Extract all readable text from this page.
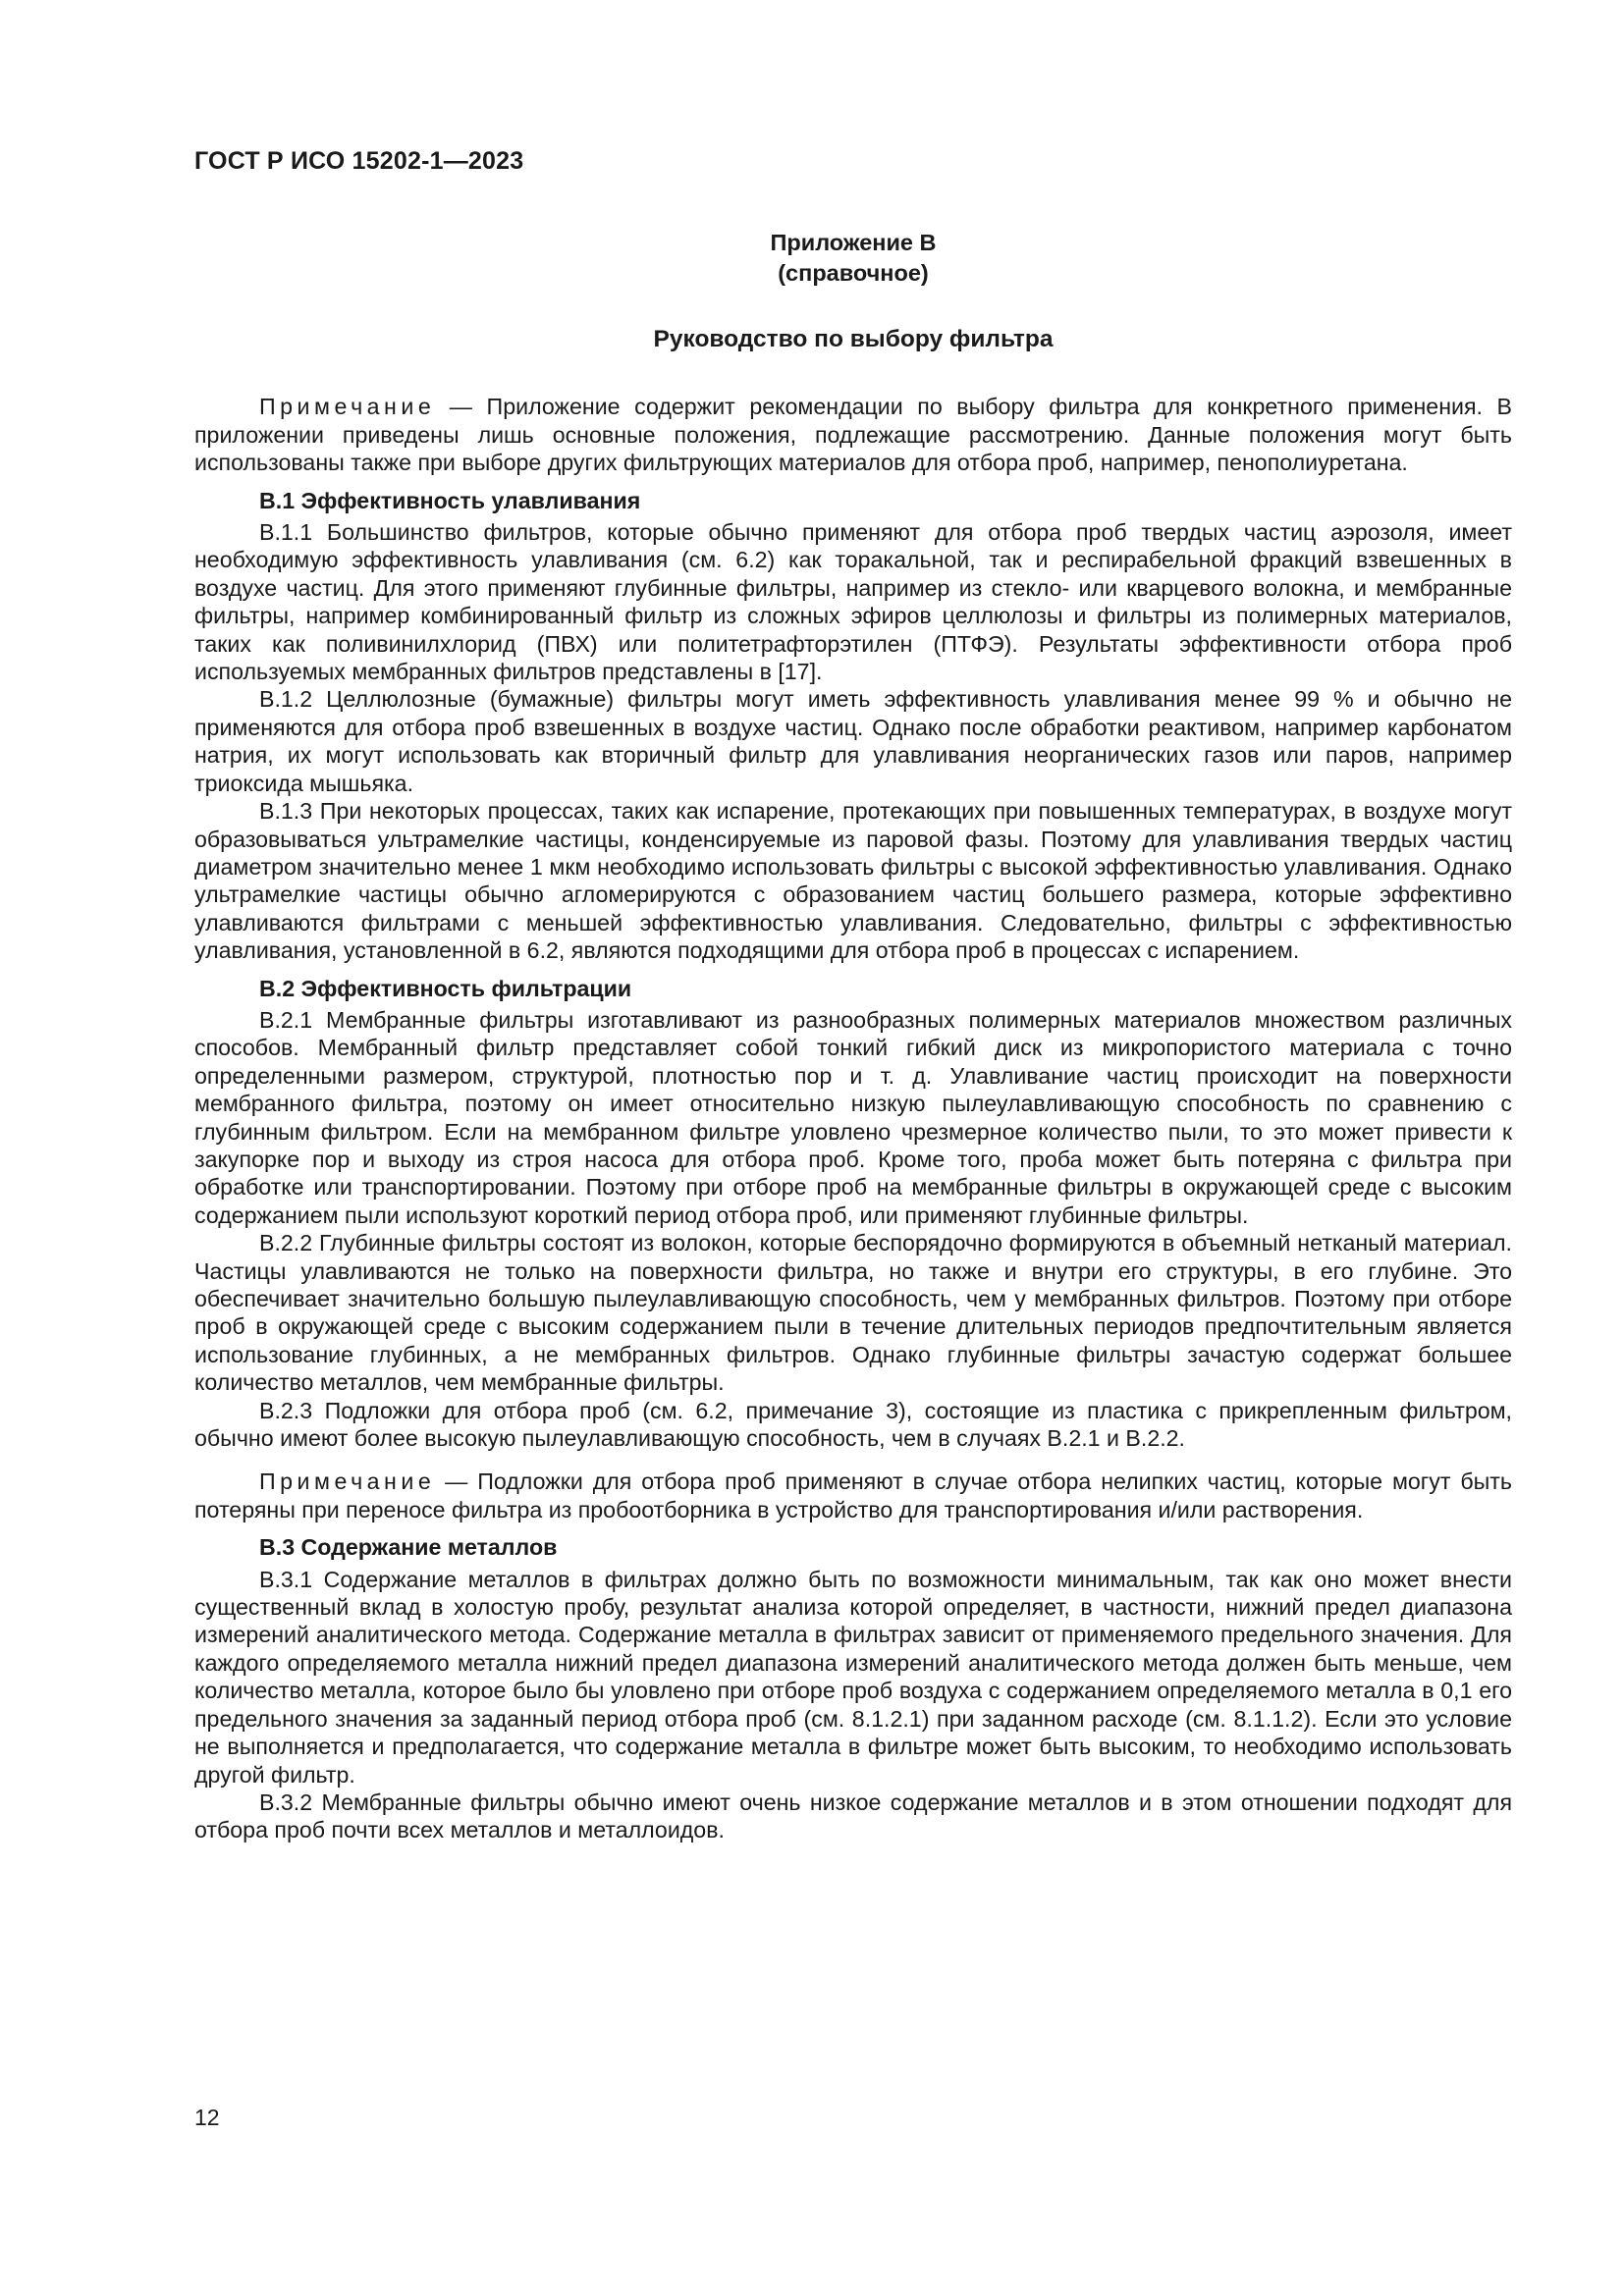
ГОСТ Р ИСО 15202-1—2023
Приложение В
(справочное)
Руководство по выбору фильтра

Примечание — Приложение содержит рекомендации по выбору фильтра для конкретного применения. В приложении приведены лишь основные положения, подлежащие рассмотрению. Данные положения могут быть использованы также при выборе других фильтрующих материалов для отбора проб, например, пенополиуретана.

В.1 Эффективность улавливания

В.1.1 Большинство фильтров, которые обычно применяют для отбора проб твердых частиц аэрозоля, имеет необходимую эффективность улавливания (см. 6.2) как торакальной, так и респирабельной фракций взвешенных в воздухе частиц. Для этого применяют глубинные фильтры, например из стекло- или кварцевого волокна, и мембранные фильтры, например комбинированный фильтр из сложных эфиров целлюлозы и фильтры из полимерных материалов, таких как поливинилхлорид (ПВХ) или политетрафторэтилен (ПТФЭ). Результаты эффективности отбора проб используемых мембранных фильтров представлены в [17].

В.1.2 Целлюлозные (бумажные) фильтры могут иметь эффективность улавливания менее 99 % и обычно не применяются для отбора проб взвешенных в воздухе частиц. Однако после обработки реактивом, например карбонатом натрия, их могут использовать как вторичный фильтр для улавливания неорганических газов или паров, например триоксида мышьяка.

В.1.3 При некоторых процессах, таких как испарение, протекающих при повышенных температурах, в воздухе могут образовываться ультрамелкие частицы, конденсируемые из паровой фазы. Поэтому для улавливания твердых частиц диаметром значительно менее 1 мкм необходимо использовать фильтры с высокой эффективностью улавливания. Однако ультрамелкие частицы обычно агломерируются с образованием частиц большего размера, которые эффективно улавливаются фильтрами с меньшей эффективностью улавливания. Следовательно, фильтры с эффективностью улавливания, установленной в 6.2, являются подходящими для отбора проб в процессах с испарением.

В.2 Эффективность фильтрации

В.2.1 Мембранные фильтры изготавливают из разнообразных полимерных материалов множеством различных способов. Мембранный фильтр представляет собой тонкий гибкий диск из микропористого материала с точно определенными размером, структурой, плотностью пор и т. д. Улавливание частиц происходит на поверхности мембранного фильтра, поэтому он имеет относительно низкую пылеулавливающую способность по сравнению с глубинным фильтром. Если на мембранном фильтре уловлено чрезмерное количество пыли, то это может привести к закупорке пор и выходу из строя насоса для отбора проб. Кроме того, проба может быть потеряна с фильтра при обработке или транспортировании. Поэтому при отборе проб на мембранные фильтры в окружающей среде с высоким содержанием пыли используют короткий период отбора проб, или применяют глубинные фильтры.

В.2.2 Глубинные фильтры состоят из волокон, которые беспорядочно формируются в объемный нетканый материал. Частицы улавливаются не только на поверхности фильтра, но также и внутри его структуры, в его глубине. Это обеспечивает значительно большую пылеулавливающую способность, чем у мембранных фильтров. Поэтому при отборе проб в окружающей среде с высоким содержанием пыли в течение длительных периодов предпочтительным является использование глубинных, а не мембранных фильтров. Однако глубинные фильтры зачастую содержат большее количество металлов, чем мембранные фильтры.

В.2.3 Подложки для отбора проб (см. 6.2, примечание 3), состоящие из пластика с прикрепленным фильтром, обычно имеют более высокую пылеулавливающую способность, чем в случаях В.2.1 и В.2.2.

Примечание — Подложки для отбора проб применяют в случае отбора нелипких частиц, которые могут быть потеряны при переносе фильтра из пробоотборника в устройство для транспортирования и/или растворения.

В.3 Содержание металлов

В.3.1 Содержание металлов в фильтрах должно быть по возможности минимальным, так как оно может внести существенный вклад в холостую пробу, результат анализа которой определяет, в частности, нижний предел диапазона измерений аналитического метода. Содержание металла в фильтрах зависит от применяемого предельного значения. Для каждого определяемого металла нижний предел диапазона измерений аналитического метода должен быть меньше, чем количество металла, которое было бы уловлено при отборе проб воздуха с содержанием определяемого металла в 0,1 его предельного значения за заданный период отбора проб (см. 8.1.2.1) при заданном расходе (см. 8.1.1.2). Если это условие не выполняется и предполагается, что содержание металла в фильтре может быть высоким, то необходимо использовать другой фильтр.

В.3.2 Мембранные фильтры обычно имеют очень низкое содержание металлов и в этом отношении подходят для отбора проб почти всех металлов и металлоидов.

12
